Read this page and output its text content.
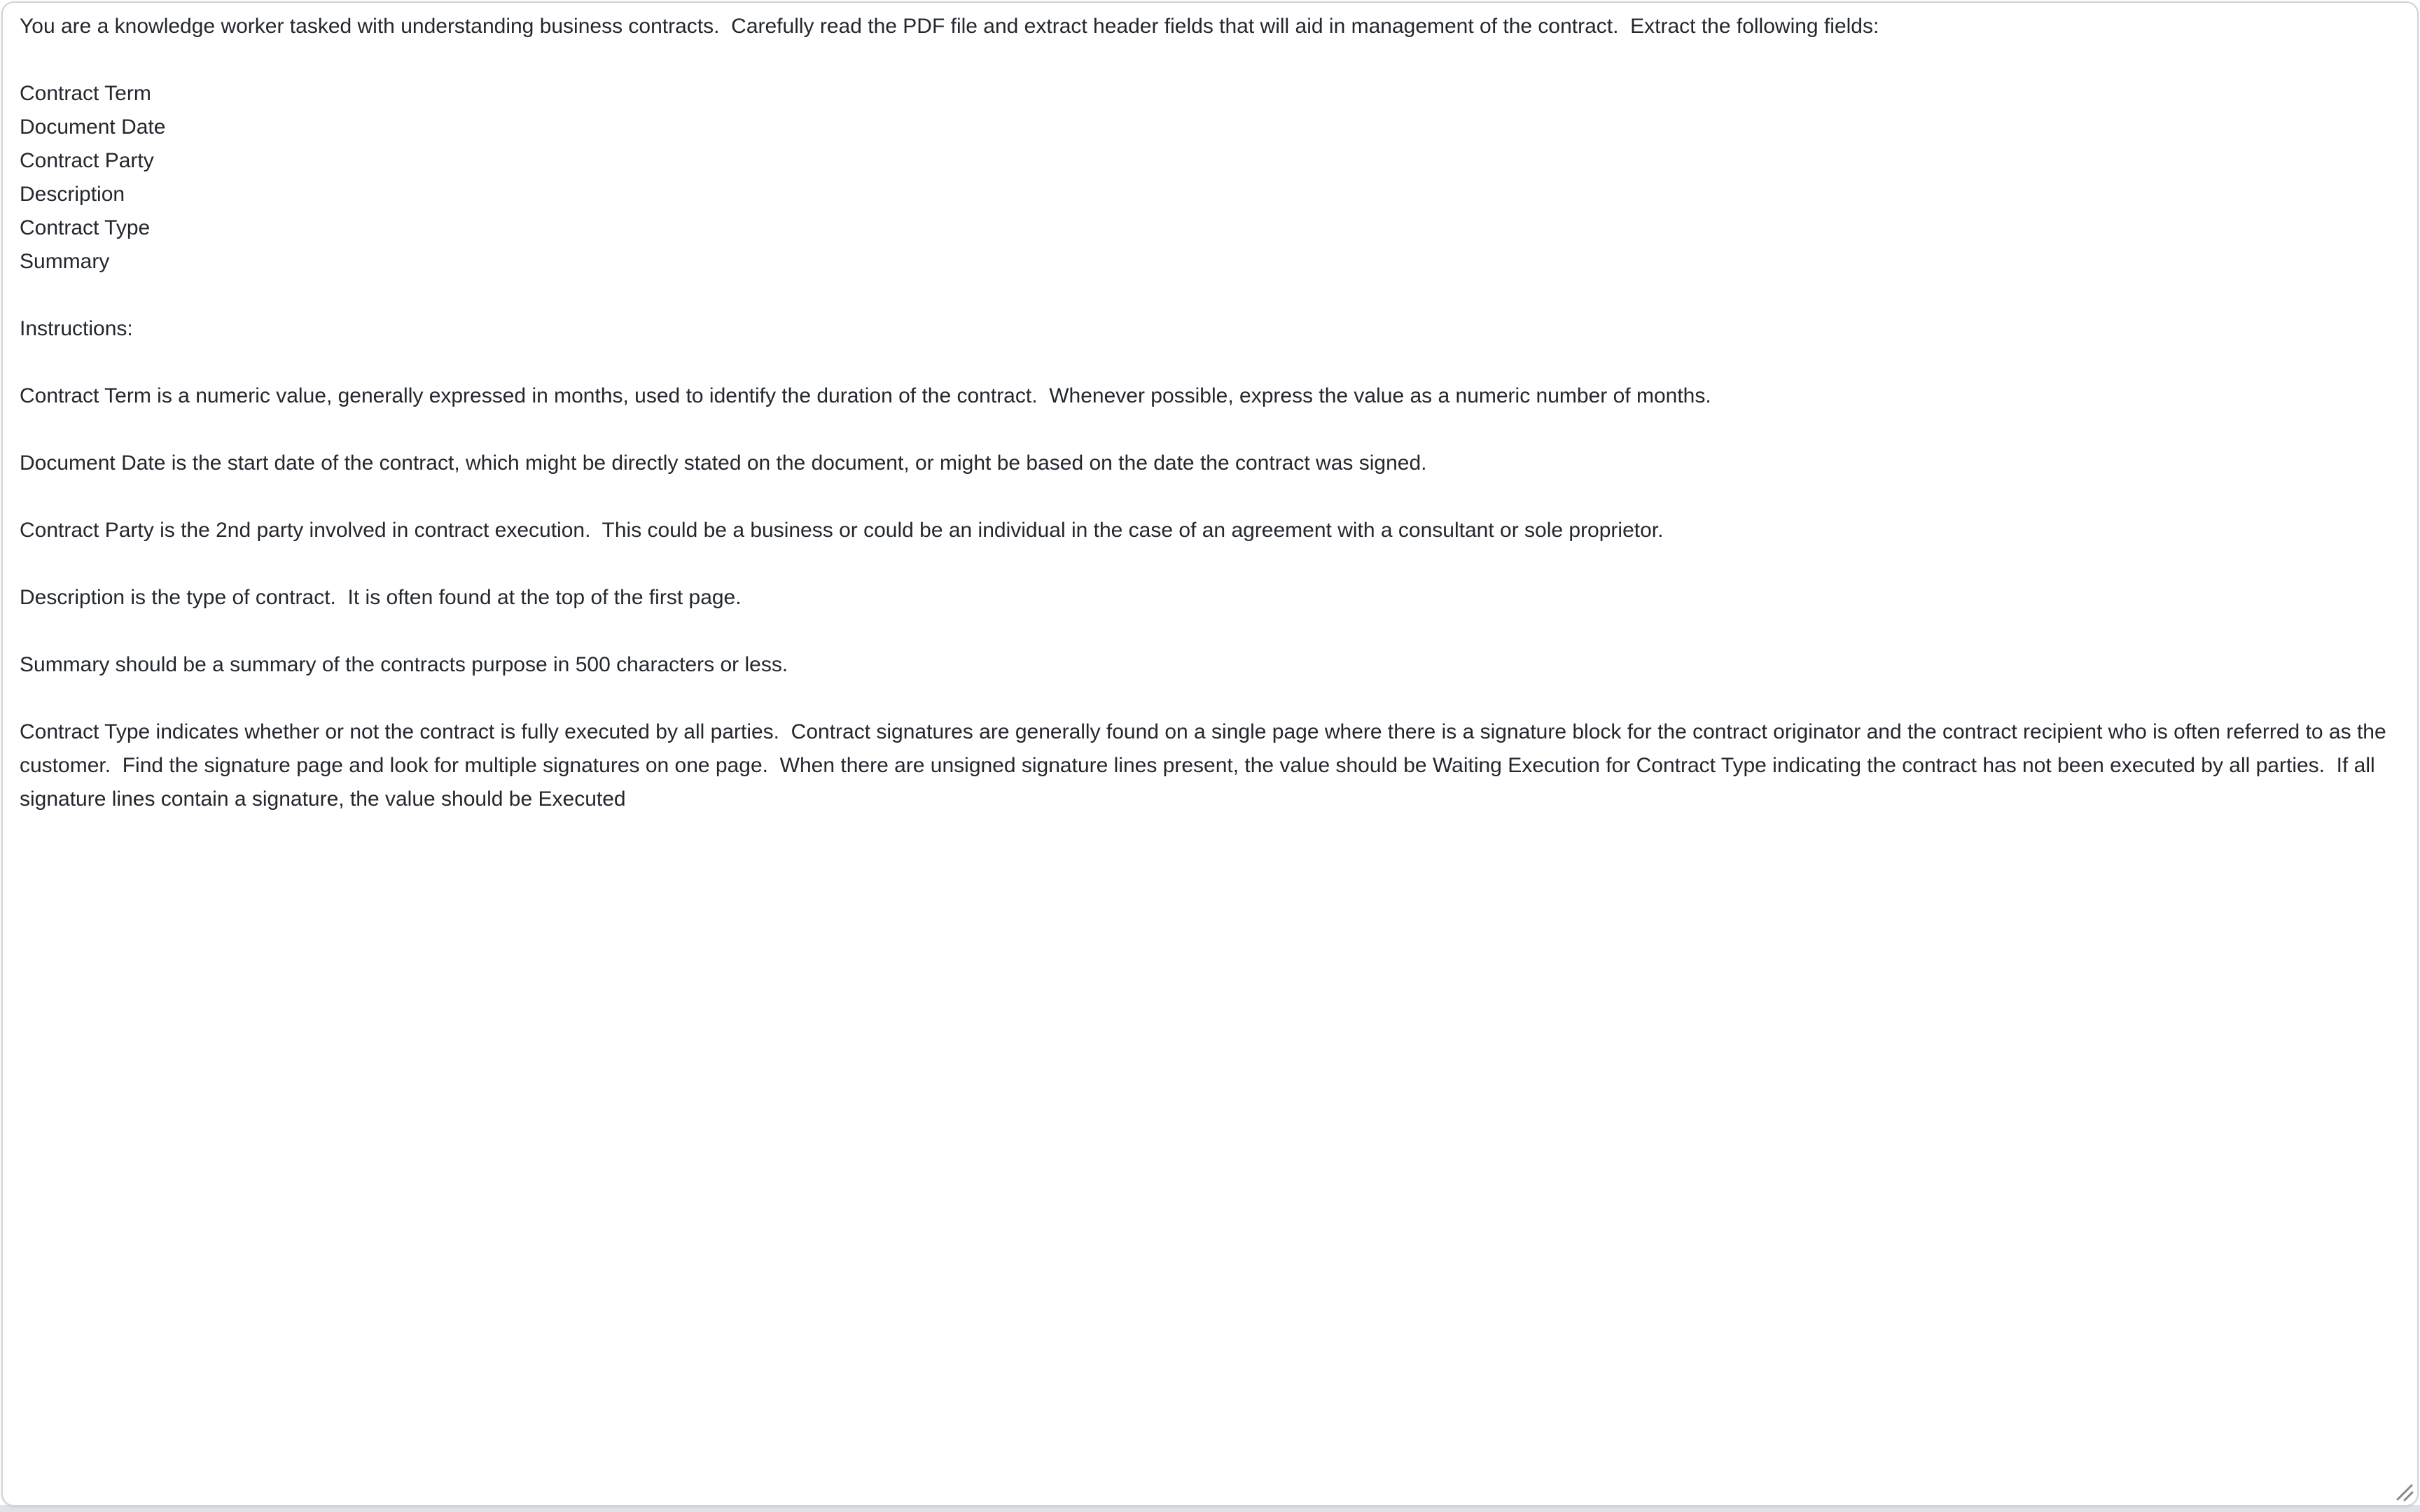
You are a knowledge worker tasked with understanding business contracts.  Carefully read the PDF file and extract header fields that will aid in management of the contract.  Extract the following fields:
Contract Term
Document Date
Contract Party
Description
Contract Type
Summary
Instructions:
Contract Term is a numeric value, generally expressed in months, used to identify the duration of the contract.  Whenever possible, express the value as a numeric number of months.
Document Date is the start date of the contract, which might be directly stated on the document, or might be based on the date the contract was signed.
Contract Party is the 2nd party involved in contract execution.  This could be a business or could be an individual in the case of an agreement with a consultant or sole proprietor.
Description is the type of contract.  It is often found at the top of the first page.
Summary should be a summary of the contracts purpose in 500 characters or less.
Contract Type indicates whether or not the contract is fully executed by all parties.  Contract signatures are generally found on a single page where there is a signature block for the contract originator and the contract recipient who is often referred to as the customer.  Find the signature page and look for multiple signatures on one page.  When there are unsigned signature lines present, the value should be Waiting Execution for Contract Type indicating the contract has not been executed by all parties.  If all signature lines contain a signature, the value should be Executed
